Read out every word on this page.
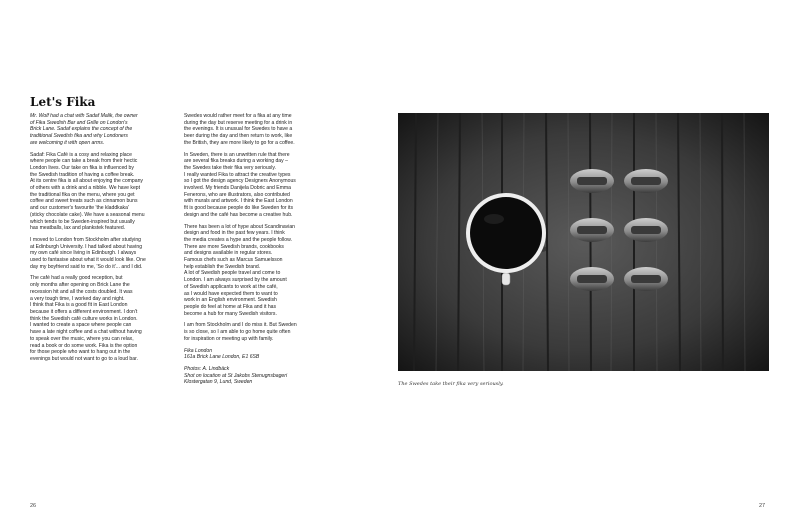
Let's Fika

Mr. Wolf had a chat with Sadaf Malik, the owner
of Fika Swedish Bar and Grille on London's
Brick Lane. Sadaf explains the concept of the
traditional Swedish fika and why Londoners
are welcoming it with open arms.

Sadaf: Fika Café is a cosy and relaxing place
where people can take a break from their hectic
London lives. Our take on fika is influenced by
the Swedish tradition of having a coffee break.

At its centre fika is all about enjoying the company
of others with a drink and a nibble. We have kept
the traditional fika on the menu, where you get
coffee and sweet treats such as cinnamon buns
and our customer's favourite 'the kladdkaka'
(sticky chocolate cake). We have a seasonal menu
which tends to be Sweden-inspired but usually
has meatballs, lax and plankstek featured.

I moved to London from Stockholm after studying
at Edinburgh University. I had talked about having
my own café since living in Edinburgh. I always
used to fantasise about what it would look like. One
day my boyfriend said to me, 'So do it'... and I did.

The café had a really good reception, but
only months after opening on Brick Lane the
recession hit and all the costs doubled. It was
a very tough time, I worked day and night.

I think that Fika is a good fit in East London
because it offers a different environment. I don't
think the Swedish café culture works in London.
I wanted to create a space where people can
have a late night coffee and a chat without having
to speak over the music, where you can relax,
read a book or do some work. Fika is the option
for those people who want to hang out in the
evenings but would not want to go to a loud bar.

Swedes would rather meet for a fika at any time
during the day but reserve meeting for a drink in
the evenings. It is unusual for Swedes to have a
beer during the day and then return to work, like
the British, they are more likely to go for a coffee.

In Sweden, there is an unwritten rule that there
are several fika breaks during a working day –
the Swedes take their fika very seriously.

I really wanted Fika to attract the creative types
so I got the design agency Designers Anonymous
involved. My friends Danijela Dobric and Emma
Fenerons, who are illustrators, also contributed
with murals and artwork. I think the East London
fit is good because people do like Sweden for its
design and the café has become a creative hub.

There has been a lot of hype about Scandinavian
design and food in the past few years. I think
the media creates a hype and the people follow.
There are more Swedish brands, cookbooks
and designs available in regular stores.
Famous chefs such as Marcus Samuelsson
help establish the Swedish brand.

A lot of Swedish people travel and come to
London. I am always surprised by the amount
of Swedish applicants to work at the café,
as I would have expected them to want to
work in an English environment. Swedish
people do feel at home at Fika and it has
become a hub for many Swedish visitors.

I am from Stockholm and I do miss it. But Sweden
is so close, so I am able to go home quite often
for inspiration or meeting up with family.

Fika London
161a Brick Lane London, E1 6SB

Photos: A. Lindbäck
Shot on location at St Jakobs Stenugnsbageri
Klostergatan 9, Lund, Sweden	The Swedes take their fika very seriously.
26	27
